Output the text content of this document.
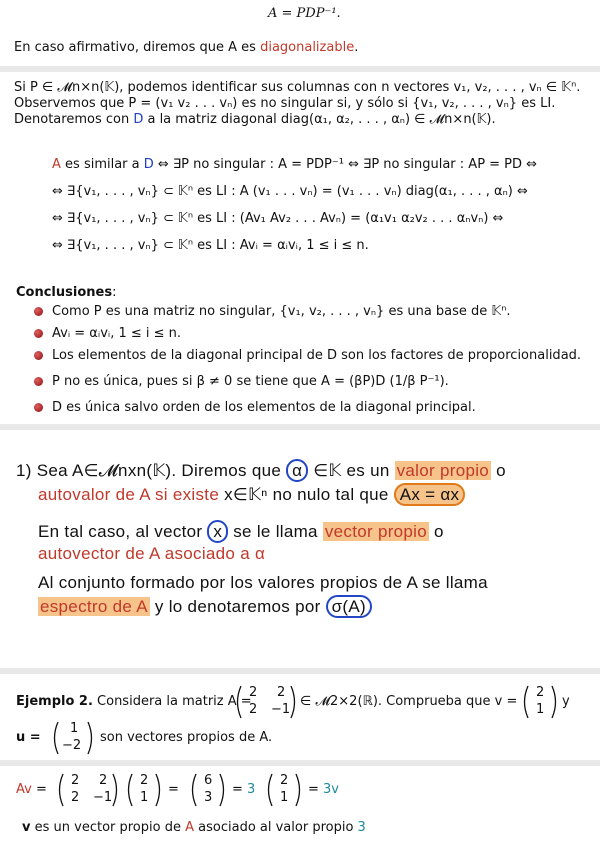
A = PDP⁻¹.
En caso afirmativo, diremos que A es diagonalizable.
Si P ∈ 𝓜n×n(𝕂), podemos identificar sus columnas con n vectores v₁, v₂, . . . , vₙ ∈ 𝕂ⁿ.
Observemos que P = (v₁ v₂ . . . vₙ) es no singular si, y sólo si {v₁, v₂, . . . , vₙ} es LI.
Denotaremos con D a la matriz diagonal diag(α₁, α₂, . . . , αₙ) ∈ 𝓜n×n(𝕂).
A es similar a D ⇔ ∃P no singular : A = PDP⁻¹ ⇔ ∃P no singular : AP = PD ⇔
⇔ ∃{v₁, . . . , vₙ} ⊂ 𝕂ⁿ es LI : A (v₁ . . . vₙ) = (v₁ . . . vₙ) diag(α₁, . . . , αₙ) ⇔
⇔ ∃{v₁, . . . , vₙ} ⊂ 𝕂ⁿ es LI : (Av₁ Av₂ . . . Avₙ) = (α₁v₁ α₂v₂ . . . αₙvₙ) ⇔
⇔ ∃{v₁, . . . , vₙ} ⊂ 𝕂ⁿ es LI : Avᵢ = αᵢvᵢ, 1 ≤ i ≤ n.
Conclusiones:
Como P es una matriz no singular, {v₁, v₂, . . . , vₙ} es una base de 𝕂ⁿ.
Avᵢ = αᵢvᵢ, 1 ≤ i ≤ n.
Los elementos de la diagonal principal de D son los factores de proporcionalidad.
P no es única, pues si β ≠ 0 se tiene que A = (βP)D (1/β P⁻¹).
D es única salvo orden de los elementos de la diagonal principal.
1) Sea A∈𝓜nxn(𝕂). Diremos que α ∈𝕂 es un valor propio o
autovalor de A si existe x∈𝕂ⁿ no nulo tal que Ax = αx
En tal caso, al vector x se le llama vector propio o
autovector de A asociado a α
Al conjunto formado por los valores propios de A se llama
espectro de A y lo denotaremos por σ(A)
Ejemplo 2. Considera la matriz A =
2 2
2 −1
∈ 𝓜2×2(ℝ). Comprueba que v =
2
1
y
u =
1
−2
son vectores propios de A.
Av =
2 2
2 −1
2
1
=
6
3
= 3
2
1
= 3v
v es un vector propio de A asociado al valor propio 3
